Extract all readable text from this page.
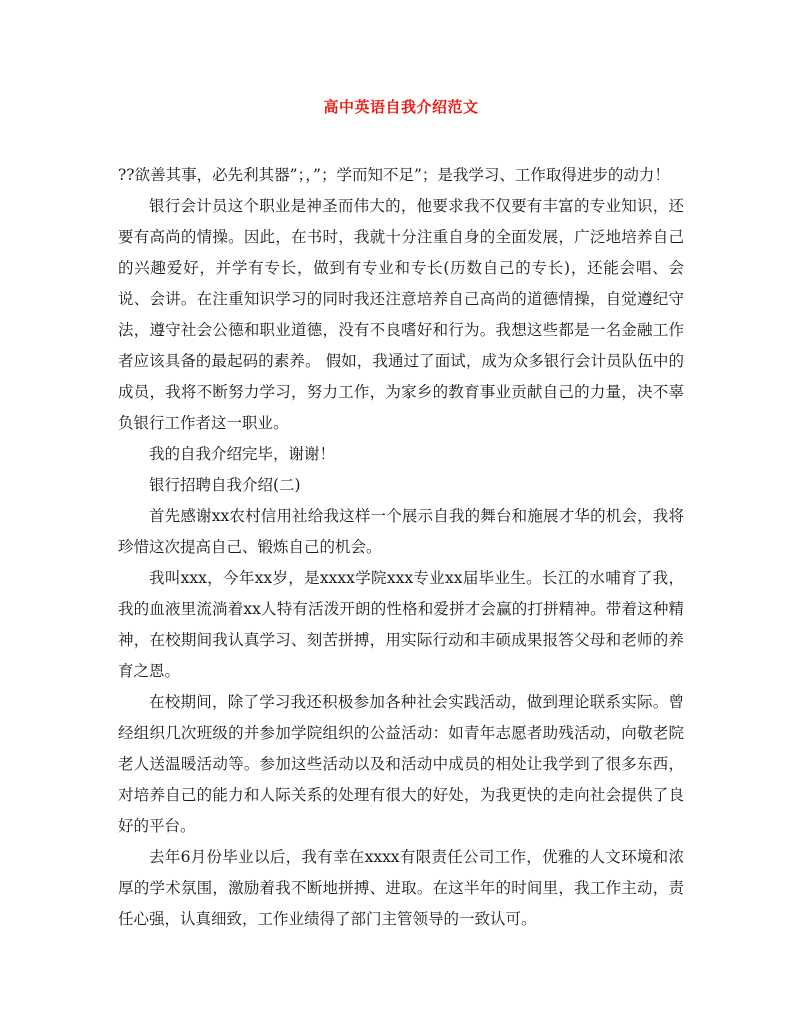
高中英语自我介绍范文

??欲善其事，必先利其器”；，”；学而知不足”；是我学习、工作取得进步的动力！

银行会计员这个职业是神圣而伟大的，他要求我不仅要有丰富的专业知识，还要有高尚的情操。因此，在书时，我就十分注重自身的全面发展，广泛地培养自己的兴趣爱好，并学有专长，做到有专业和专长(历数自己的专长)，还能会唱、会说、会讲。在注重知识学习的同时我还注意培养自己高尚的道德情操，自觉遵纪守法，遵守社会公德和职业道德，没有不良嗜好和行为。我想这些都是一名金融工作者应该具备的最起码的素养。 假如，我通过了面试，成为众多银行会计员队伍中的成员，我将不断努力学习，努力工作，为家乡的教育事业贡献自己的力量，决不辜负银行工作者这一职业。

我的自我介绍完毕，谢谢！

银行招聘自我介绍(二)

首先感谢xx农村信用社给我这样一个展示自我的舞台和施展才华的机会，我将珍惜这次提高自己、锻炼自己的机会。

我叫xxx，今年xx岁，是xxxx学院xxx专业xx届毕业生。长江的水哺育了我，我的血液里流淌着xx人特有活泼开朗的性格和爱拼才会赢的打拼精神。带着这种精神，在校期间我认真学习、刻苦拼搏，用实际行动和丰硕成果报答父母和老师的养育之恩。

在校期间，除了学习我还积极参加各种社会实践活动，做到理论联系实际。曾经组织几次班级的并参加学院组织的公益活动：如青年志愿者助残活动，向敬老院老人送温暖活动等。参加这些活动以及和活动中成员的相处让我学到了很多东西，对培养自己的能力和人际关系的处理有很大的好处，为我更快的走向社会提供了良好的平台。

去年6月份毕业以后，我有幸在xxxx有限责任公司工作，优雅的人文环境和浓厚的学术氛围，激励着我不断地拼搏、进取。在这半年的时间里，我工作主动，责任心强，认真细致，工作业绩得了部门主管领导的一致认可。
